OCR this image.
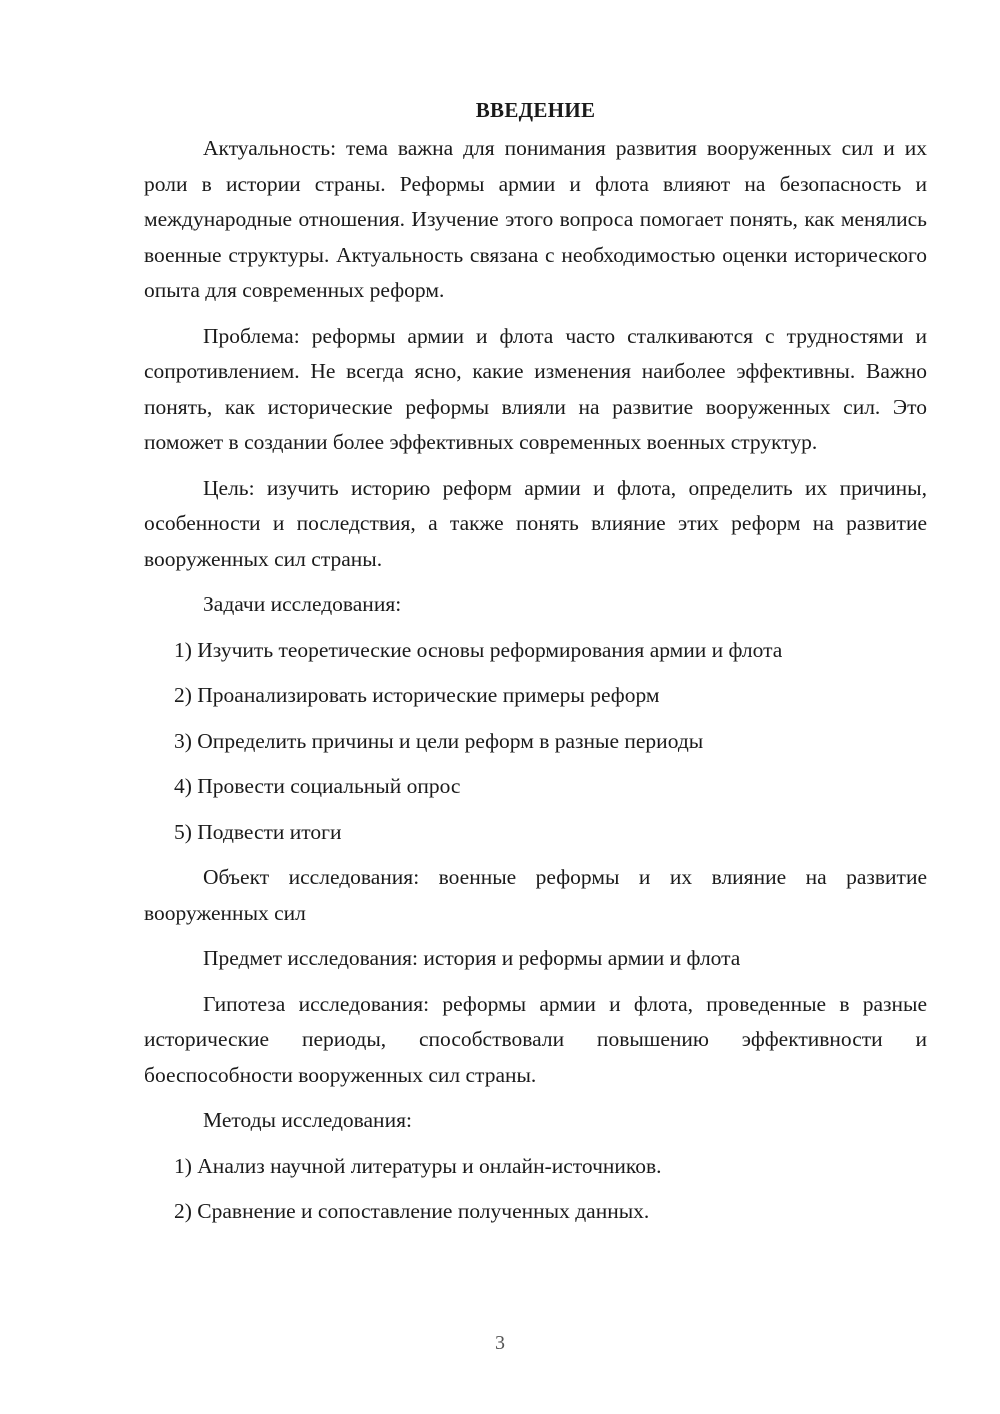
ВВЕДЕНИЕ

Актуальность: тема важна для понимания развития вооруженных сил и их роли в истории страны. Реформы армии и флота влияют на безопасность и международные отношения. Изучение этого вопроса помогает понять, как менялись военные структуры. Актуальность связана с необходимостью оценки исторического опыта для современных реформ.

Проблема: реформы армии и флота часто сталкиваются с трудностями и сопротивлением. Не всегда ясно, какие изменения наиболее эффективны. Важно понять, как исторические реформы влияли на развитие вооруженных сил. Это поможет в создании более эффективных современных военных структур.

Цель: изучить историю реформ армии и флота, определить их причины, особенности и последствия, а также понять влияние этих реформ на развитие вооруженных сил страны.

Задачи исследования:

1) Изучить теоретические основы реформирования армии и флота

2) Проанализировать исторические примеры реформ

3) Определить причины и цели реформ в разные периоды

4) Провести социальный опрос

5) Подвести итоги

Объект исследования: военные реформы и их влияние на развитие вооруженных сил

Предмет исследования: история и реформы армии и флота

Гипотеза исследования: реформы армии и флота, проведенные в разные исторические периоды, способствовали повышению эффективности и боеспособности вооруженных сил страны.

Методы исследования:

1) Анализ научной литературы и онлайн-источников.

2) Сравнение и сопоставление полученных данных.

3
